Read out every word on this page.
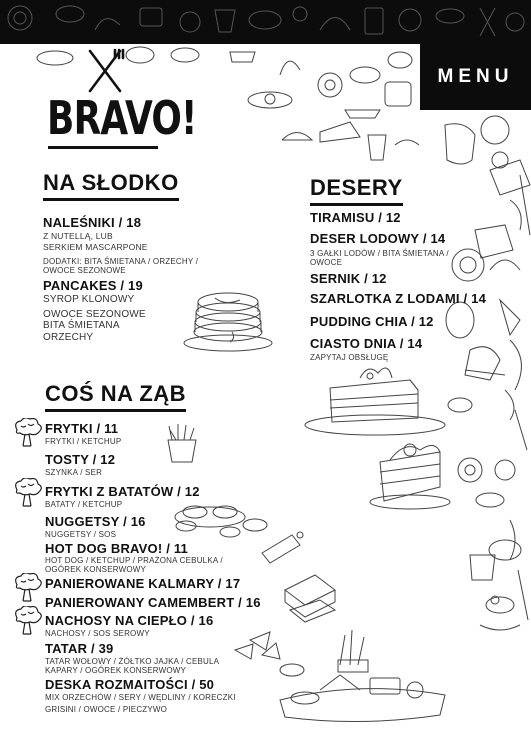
MENU
BRAVO!
NA SŁODKO
NALEŚNIKI / 18
Z NUTELLĄ, LUB
SERKIEM MASCARPONE
DODATKI: BITA ŚMIETANA / ORZECHY /
OWOCE SEZONOWE
PANCAKES / 19
SYROP KLONOWY
OWOCE SEZONOWE
BITA ŚMIETANA
ORZECHY
DESERY
TIRAMISU / 12
DESER LODOWY / 14
3 GAŁKI LODÓW / BITA ŚMIETANA /
OWOCE
SERNIK / 12
SZARLOTKA Z LODAMI / 14
PUDDING CHIA / 12
CIASTO DNIA / 14
ZAPYTAJ OBSŁUGĘ
COŚ NA ZĄB
FRYTKI / 11
FRYTKI / KETCHUP
TOSTY / 12
SZYNKA / SER
FRYTKI Z BATATÓW / 12
BATATY / KETCHUP
NUGGETSY / 16
NUGGETSY / SOS
HOT DOG BRAVO! / 11
HOT DOG / KETCHUP / PRAŻONA CEBULKA /
OGÓREK KONSERWOWY
PANIEROWANE KALMARY / 17
PANIEROWANY CAMEMBERT / 16
NACHOSY NA CIEPŁO / 16
NACHOSY / SOS SEROWY
TATAR / 39
TATAR WOŁOWY / ŻÓŁTKO JAJKA / CEBULA
KAPARY / OGÓREK KONSERWOWY
DESKA ROZMAITOŚCI / 50
MIX ORZECHÓW / SERY / WĘDLINY / KORECZKI
GRISINI / OWOCE / PIECZYWO
